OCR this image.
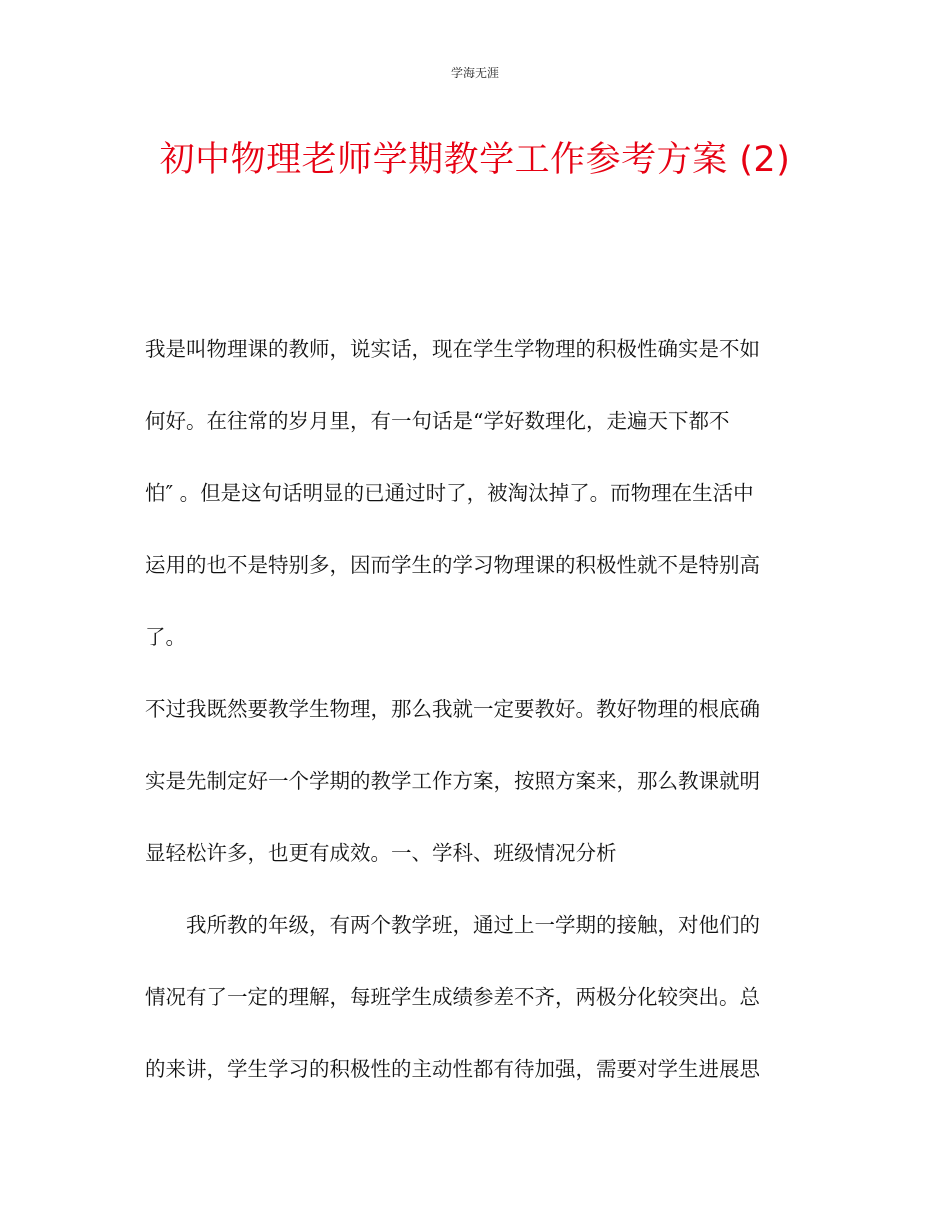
学海无涯
初中物理老师学期教学工作参考方案 (2)
我是叫物理课的教师，说实话，现在学生学物理的积极性确实是不如
何好。在往常的岁月里，有一句话是“学好数理化，走遍天下都不
怕″ 。但是这句话明显的已通过时了，被淘汰掉了。而物理在生活中
运用的也不是特别多，因而学生的学习物理课的积极性就不是特别高
了。
不过我既然要教学生物理，那么我就一定要教好。教好物理的根底确
实是先制定好一个学期的教学工作方案，按照方案来，那么教课就明
显轻松许多，也更有成效。一、学科、班级情况分析
　　我所教的年级，有两个教学班，通过上一学期的接触，对他们的
情况有了一定的理解，每班学生成绩参差不齐，两极分化较突出。总
的来讲，学生学习的积极性的主动性都有待加强，需要对学生进展思
